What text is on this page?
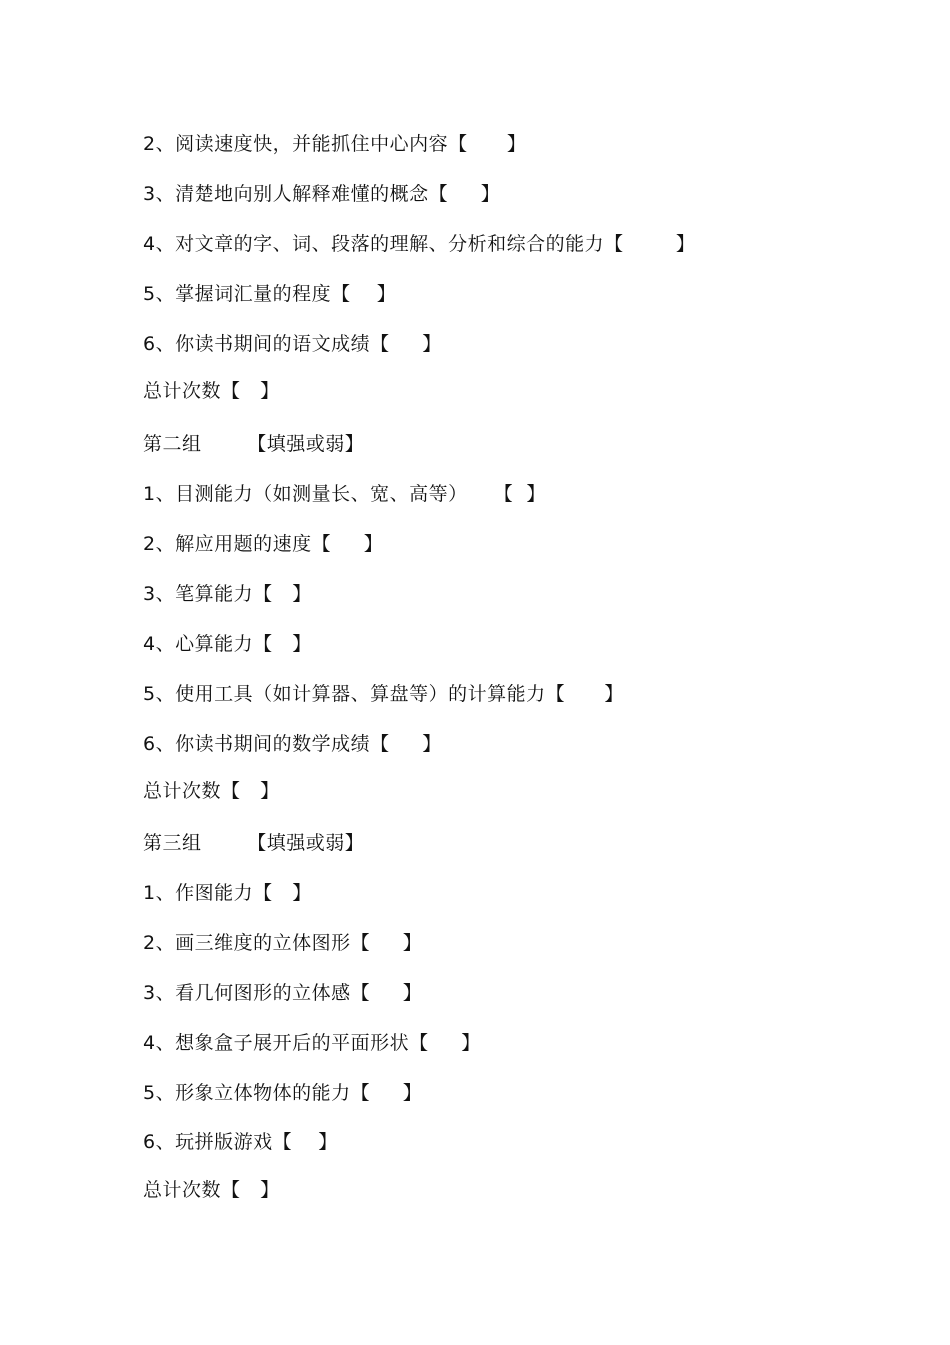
2、阅读速度快，并能抓住中心内容【      】
3、清楚地向别人解释难懂的概念【     】
4、对文章的字、词、段落的理解、分析和综合的能力【        】
5、掌握词汇量的程度【    】
6、你读书期间的语文成绩【     】
总计次数【   】
第二组       【填强或弱】
1、目测能力（如测量长、宽、高等）    【  】
2、解应用题的速度【     】
3、笔算能力【   】
4、心算能力【   】
5、使用工具（如计算器、算盘等）的计算能力【      】
6、你读书期间的数学成绩【     】
总计次数【   】
第三组       【填强或弱】
1、作图能力【   】
2、画三维度的立体图形【     】
3、看几何图形的立体感【     】
4、想象盒子展开后的平面形状【     】
5、形象立体物体的能力【     】
6、玩拼版游戏【    】
总计次数【   】
